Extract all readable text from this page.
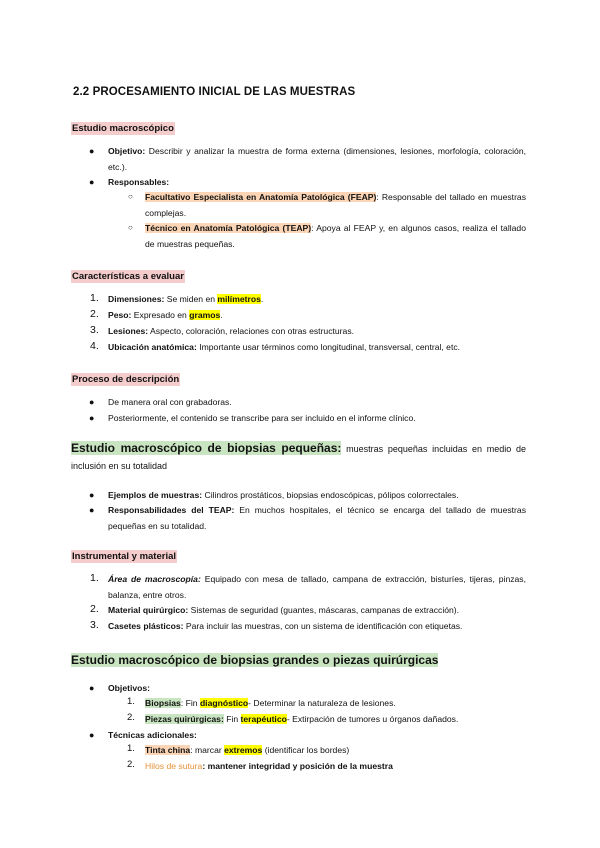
2.2 PROCESAMIENTO INICIAL DE LAS MUESTRAS
Estudio macroscópico
● Objetivo: Describir y analizar la muestra de forma externa (dimensiones, lesiones, morfología, coloración, etc.).
● Responsables:
○ Facultativo Especialista en Anatomía Patológica (FEAP): Responsable del tallado en muestras complejas.
○ Técnico en Anatomía Patológica (TEAP): Apoya al FEAP y, en algunos casos, realiza el tallado de muestras pequeñas.
Características a evaluar
1. Dimensiones: Se miden en milímetros.
2. Peso: Expresado en gramos.
3. Lesiones: Aspecto, coloración, relaciones con otras estructuras.
4. Ubicación anatómica: Importante usar términos como longitudinal, transversal, central, etc.
Proceso de descripción
● De manera oral con grabadoras.
● Posteriormente, el contenido se transcribe para ser incluido en el informe clínico.
Estudio macroscópico de biopsias pequeñas: muestras pequeñas incluidas en medio de inclusión en su totalidad
● Ejemplos de muestras: Cilindros prostáticos, biopsias endoscópicas, pólipos colorrectales.
● Responsabilidades del TEAP: En muchos hospitales, el técnico se encarga del tallado de muestras pequeñas en su totalidad.
Instrumental y material
1. Área de macroscopía: Equipado con mesa de tallado, campana de extracción, bisturíes, tijeras, pinzas, balanza, entre otros.
2. Material quirúrgico: Sistemas de seguridad (guantes, máscaras, campanas de extracción).
3. Casetes plásticos: Para incluir las muestras, con un sistema de identificación con etiquetas.
Estudio macroscópico de biopsias grandes o piezas quirúrgicas
● Objetivos:
1. Biopsias: Fin diagnóstico- Determinar la naturaleza de lesiones.
2. Piezas quirúrgicas: Fin terapéutico- Extirpación de tumores u órganos dañados.
● Técnicas adicionales:
1. Tinta china: marcar extremos (identificar los bordes)
2. Hilos de sutura: mantener integridad y posición de la muestra
